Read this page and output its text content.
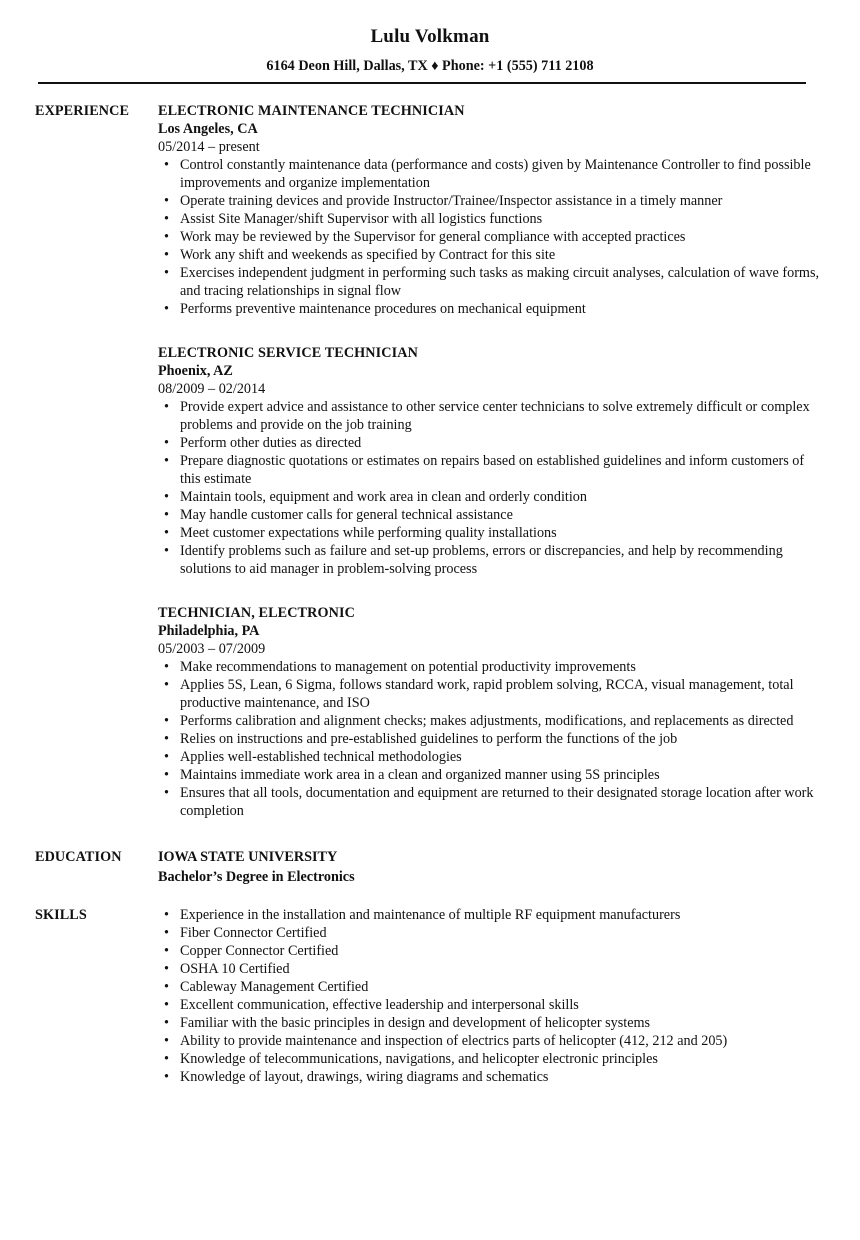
Lulu Volkman
6164 Deon Hill, Dallas, TX ♦ Phone: +1 (555) 711 2108
EXPERIENCE	ELECTRONIC MAINTENANCE TECHNICIAN
Los Angeles, CA
05/2014 – present
• Control constantly maintenance data (performance and costs) given by Maintenance Controller to find possible improvements and organize implementation
• Operate training devices and provide Instructor/Trainee/Inspector assistance in a timely manner
• Assist Site Manager/shift Supervisor with all logistics functions
• Work may be reviewed by the Supervisor for general compliance with accepted practices
• Work any shift and weekends as specified by Contract for this site
• Exercises independent judgment in performing such tasks as making circuit analyses, calculation of wave forms, and tracing relationships in signal flow
• Performs preventive maintenance procedures on mechanical equipment
ELECTRONIC SERVICE TECHNICIAN
Phoenix, AZ
08/2009 – 02/2014
• Provide expert advice and assistance to other service center technicians to solve extremely difficult or complex problems and provide on the job training
• Perform other duties as directed
• Prepare diagnostic quotations or estimates on repairs based on established guidelines and inform customers of this estimate
• Maintain tools, equipment and work area in clean and orderly condition
• May handle customer calls for general technical assistance
• Meet customer expectations while performing quality installations
• Identify problems such as failure and set-up problems, errors or discrepancies, and help by recommending solutions to aid manager in problem-solving process
TECHNICIAN, ELECTRONIC
Philadelphia, PA
05/2003 – 07/2009
• Make recommendations to management on potential productivity improvements
• Applies 5S, Lean, 6 Sigma, follows standard work, rapid problem solving, RCCA, visual management, total productive maintenance, and ISO
• Performs calibration and alignment checks; makes adjustments, modifications, and replacements as directed
• Relies on instructions and pre-established guidelines to perform the functions of the job
• Applies well-established technical methodologies
• Maintains immediate work area in a clean and organized manner using 5S principles
• Ensures that all tools, documentation and equipment are returned to their designated storage location after work completion
EDUCATION	IOWA STATE UNIVERSITY
Bachelor’s Degree in Electronics
SKILLS
•	Experience in the installation and maintenance of multiple RF equipment manufacturers
• Fiber Connector Certified
• Copper Connector Certified
• OSHA 10 Certified
• Cableway Management Certified
• Excellent communication, effective leadership and interpersonal skills
• Familiar with the basic principles in design and development of helicopter systems
• Ability to provide maintenance and inspection of electrics parts of helicopter (412, 212 and 205)
• Knowledge of telecommunications, navigations, and helicopter electronic principles
• Knowledge of layout, drawings, wiring diagrams and schematics
